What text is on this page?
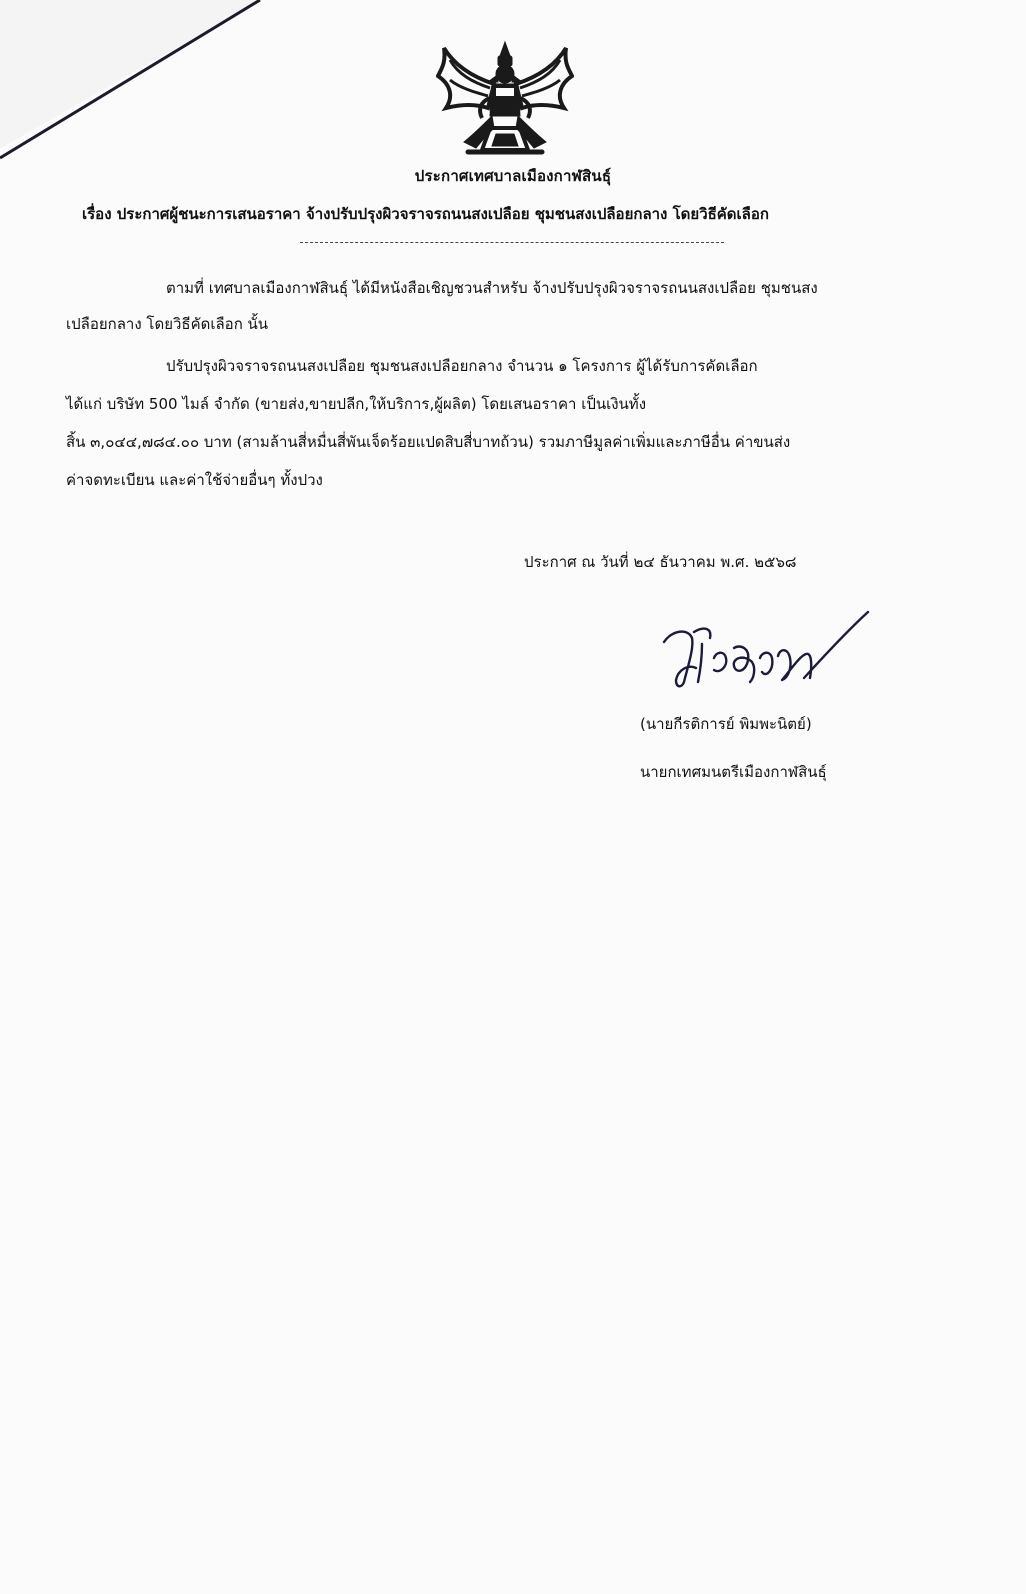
ประกาศเทศบาลเมืองกาฬสินธุ์
เรื่อง ประกาศผู้ชนะการเสนอราคา จ้างปรับปรุงผิวจราจรถนนสงเปลือย ชุมชนสงเปลือยกลาง โดยวิธีคัดเลือก
ตามที่ เทศบาลเมืองกาฬสินธุ์ ได้มีหนังสือเชิญชวนสำหรับ จ้างปรับปรุงผิวจราจรถนนสงเปลือย ชุมชนสง
เปลือยกลาง โดยวิธีคัดเลือก นั้น
ปรับปรุงผิวจราจรถนนสงเปลือย ชุมชนสงเปลือยกลาง จำนวน ๑ โครงการ ผู้ได้รับการคัดเลือก
ได้แก่ บริษัท 500 ไมล์ จำกัด (ขายส่ง,ขายปลีก,ให้บริการ,ผู้ผลิต) โดยเสนอราคา เป็นเงินทั้ง
สิ้น ๓,๐๔๔,๗๘๔.๐๐ บาท (สามล้านสี่หมื่นสี่พันเจ็ดร้อยแปดสิบสี่บาทถ้วน) รวมภาษีมูลค่าเพิ่มและภาษีอื่น ค่าขนส่ง
ค่าจดทะเบียน และค่าใช้จ่ายอื่นๆ ทั้งปวง
ประกาศ ณ วันที่ ๒๔ ธันวาคม พ.ศ. ๒๕๖๘
(นายกีรติการย์ พิมพะนิตย์)
นายกเทศมนตรีเมืองกาฬสินธุ์
